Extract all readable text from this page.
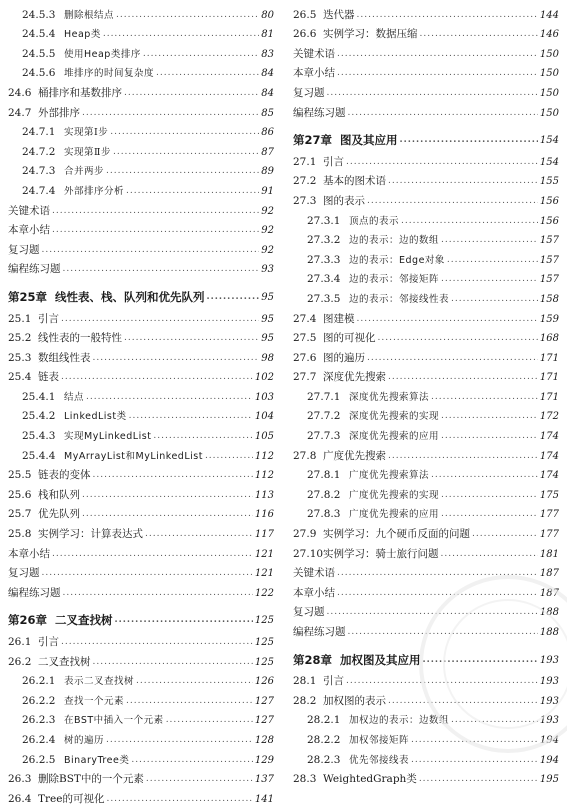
24.5.3 删除根结点 .....	80
24.5.4 Heap类 .....	81
24.5.5 使用Heap类排序 .....	83
24.5.6 堆排序的时间复杂度 .....	84
24.6 桶排序和基数排序 .....	84
24.7 外部排序 .....	85
24.7.1 实现第Ⅰ步 .....	86
24.7.2 实现第Ⅱ步 .....	87
24.7.3 合并两步 .....	89
24.7.4 外部排序分析 .....	91
关键术语 .....	92
本章小结 .....	92
复习题 .....	92
编程练习题 .....	93
第25章 线性表、栈、队列和优先队列 .....	95
25.1 引言 .....	95
25.2 线性表的一般特性 .....	95
25.3 数组线性表 .....	98
25.4 链表 .....	102
25.4.1 结点 .....	103
25.4.2 LinkedList类 .....	104
25.4.3 实现MyLinkedList .....	105
25.4.4 MyArrayList和MyLinkedList .....	112
25.5 链表的变体 .....	112
25.6 栈和队列 .....	113
25.7 优先队列 .....	116
25.8 实例学习：计算表达式 .....	117
本章小结 .....	121
复习题 .....	121
编程练习题 .....	122
第26章 二叉查找树 .....	125
26.1 引言 .....	125
26.2 二叉查找树 .....	125
26.2.1 表示二叉查找树 .....	126
26.2.2 查找一个元素 .....	127
26.2.3 在BST中插入一个元素 .....	127
26.2.4 树的遍历 .....	128
26.2.5 BinaryTree类 .....	129
26.3 删除BST中的一个元素 .....	137
26.4 Tree的可视化 .....	141
26.5 迭代器 .....	144
26.6 实例学习：数据压缩 .....	146
关键术语 .....	150
本章小结 .....	150
复习题 .....	150
编程练习题 .....	150
第27章 图及其应用 .....	154
27.1 引言 .....	154
27.2 基本的图术语 .....	155
27.3 图的表示 .....	156
27.3.1 顶点的表示 .....	156
27.3.2 边的表示：边的数组 .....	157
27.3.3 边的表示：Edge对象 .....	157
27.3.4 边的表示：邻接矩阵 .....	157
27.3.5 边的表示：邻接线性表 .....	158
27.4 图建模 .....	159
27.5 图的可视化 .....	168
27.6 图的遍历 .....	171
27.7 深度优先搜索 .....	171
27.7.1 深度优先搜索算法 .....	171
27.7.2 深度优先搜索的实现 .....	172
27.7.3 深度优先搜索的应用 .....	174
27.8 广度优先搜索 .....	174
27.8.1 广度优先搜索算法 .....	174
27.8.2 广度优先搜索的实现 .....	175
27.8.3 广度优先搜索的应用 .....	177
27.9 实例学习：九个硬币反面的问题 .....	177
27.10 实例学习：骑士旅行问题 .....	181
关键术语 .....	187
本章小结 .....	187
复习题 .....	188
编程练习题 .....	188
第28章 加权图及其应用 .....	193
28.1 引言 .....	193
28.2 加权图的表示 .....	193
28.2.1 加权边的表示：边数组 .....	193
28.2.2 加权邻接矩阵 .....	194
28.2.3 优先邻接线表 .....	194
28.3 WeightedGraph类 .....	195
